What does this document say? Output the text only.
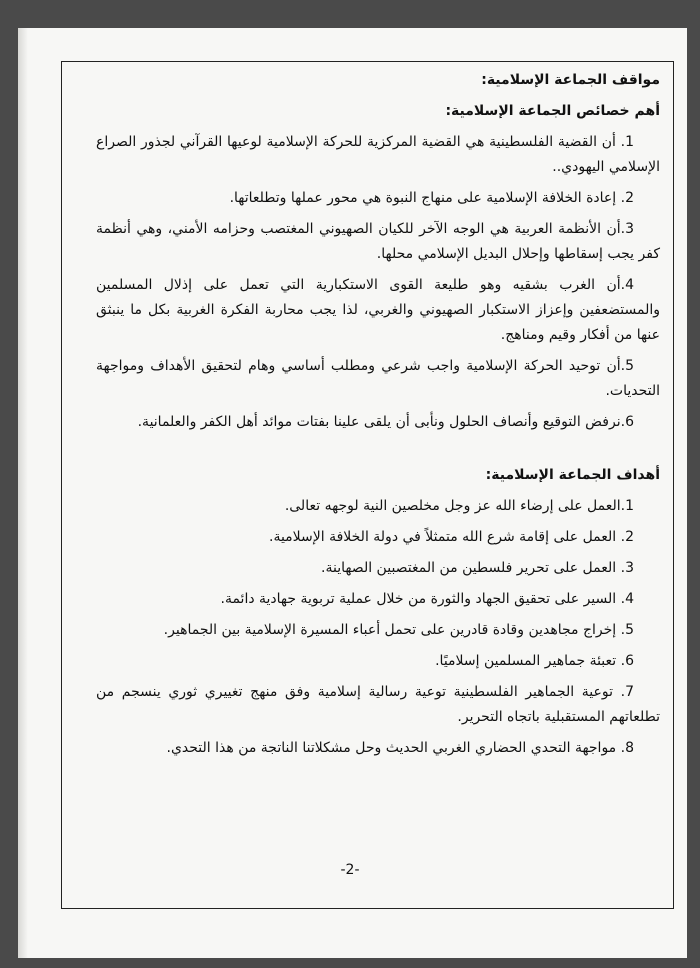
مواقف الجماعة الإسلامية:
أهم خصائص الجماعة الإسلامية:
1. أن القضية الفلسطينية هي القضية المركزية للحركة الإسلامية لوعيها القرآني لجذور الصراع الإسلامي اليهودي..
2. إعادة الخلافة الإسلامية على منهاج النبوة هي محور عملها وتطلعاتها.
3.أن الأنظمة العربية هي الوجه الآخر للكيان الصهيوني المغتصب وحزامه الأمني، وهي أنظمة كفر يجب إسقاطها وإحلال البديل الإسلامي محلها.
4.أن الغرب بشقيه وهو طليعة القوى الاستكبارية التي تعمل على إذلال المسلمين والمستضعفين وإعزاز الاستكبار الصهيوني والغربي، لذا يجب محاربة الفكرة الغربية بكل ما ينبثق عنها من أفكار وقيم ومناهج.
5.أن توحيد الحركة الإسلامية واجب شرعي ومطلب أساسي وهام لتحقيق الأهداف ومواجهة التحديات.
6.نرفض التوقيع وأنصاف الحلول ونأبى أن يلقى علينا بفتات موائد أهل الكفر والعلمانية.
أهداف الجماعة الإسلامية:
1.العمل على إرضاء الله عز وجل مخلصين النية لوجهه تعالى.
2. العمل على إقامة شرع الله متمثلاً في دولة الخلافة الإسلامية.
3. العمل على تحرير فلسطين من المغتصبين الصهاينة.
4. السير على تحقيق الجهاد والثورة من خلال عملية تربوية جهادية دائمة.
5. إخراج مجاهدين وقادة قادرين على تحمل أعباء المسيرة الإسلامية بين الجماهير.
6. تعبئة جماهير المسلمين إسلاميًا.
7. توعية الجماهير الفلسطينية توعية رسالية إسلامية وفق منهج تغييري ثوري ينسجم من تطلعاتهم المستقبلية باتجاه التحرير.
8. مواجهة التحدي الحضاري الغربي الحديث وحل مشكلاتنا الناتجة من هذا التحدي.
-2-
